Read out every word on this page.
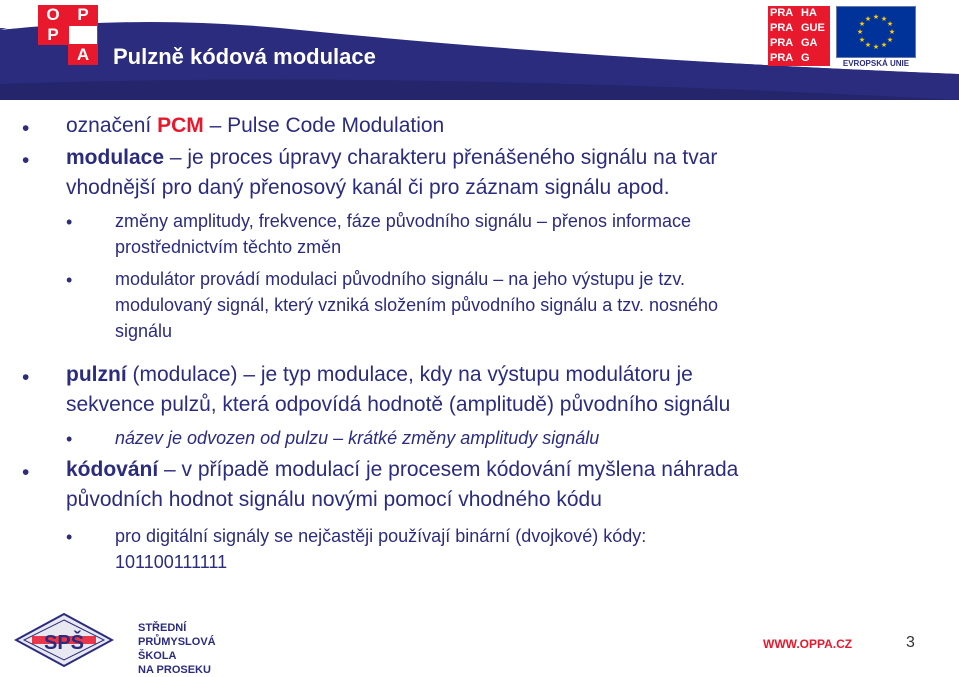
Pulzně kódová modulace
O	P
P
A
PRA HA
PRA GUE
PRA GA
PRA G
★ ★
★
★
★
★
★
★
★
★
★
★
EVROPSKÁ UNIE
• označení PCM – Pulse Code Modulation
• modulace – je proces úpravy charakteru přenášeného signálu na tvar
vhodnější pro daný přenosový kanál či pro záznam signálu apod.
• změny amplitudy, frekvence, fáze původního signálu – přenos informace
prostřednictvím těchto změn
• modulátor provádí modulaci původního signálu – na jeho výstupu je tzv.
modulovaný signál, který vzniká složením původního signálu a tzv. nosného
signálu
• pulzní (modulace) – je typ modulace, kdy na výstupu modulátoru je
sekvence pulzů, která odpovídá hodnotě (amplitudě) původního signálu
• název je odvozen od pulzu – krátké změny amplitudy signálu
• kódování – v případě modulací je procesem kódování myšlena náhrada
původních hodnot signálu novými pomocí vhodného kódu
• pro digitální signály se nejčastěji používají binární (dvojkové) kódy:
101100111111
SPŠ
STŘEDNÍ
PRŮMYSLOVÁ
ŠKOLA
NA PROSEKU
WWW.OPPA.CZ	3
